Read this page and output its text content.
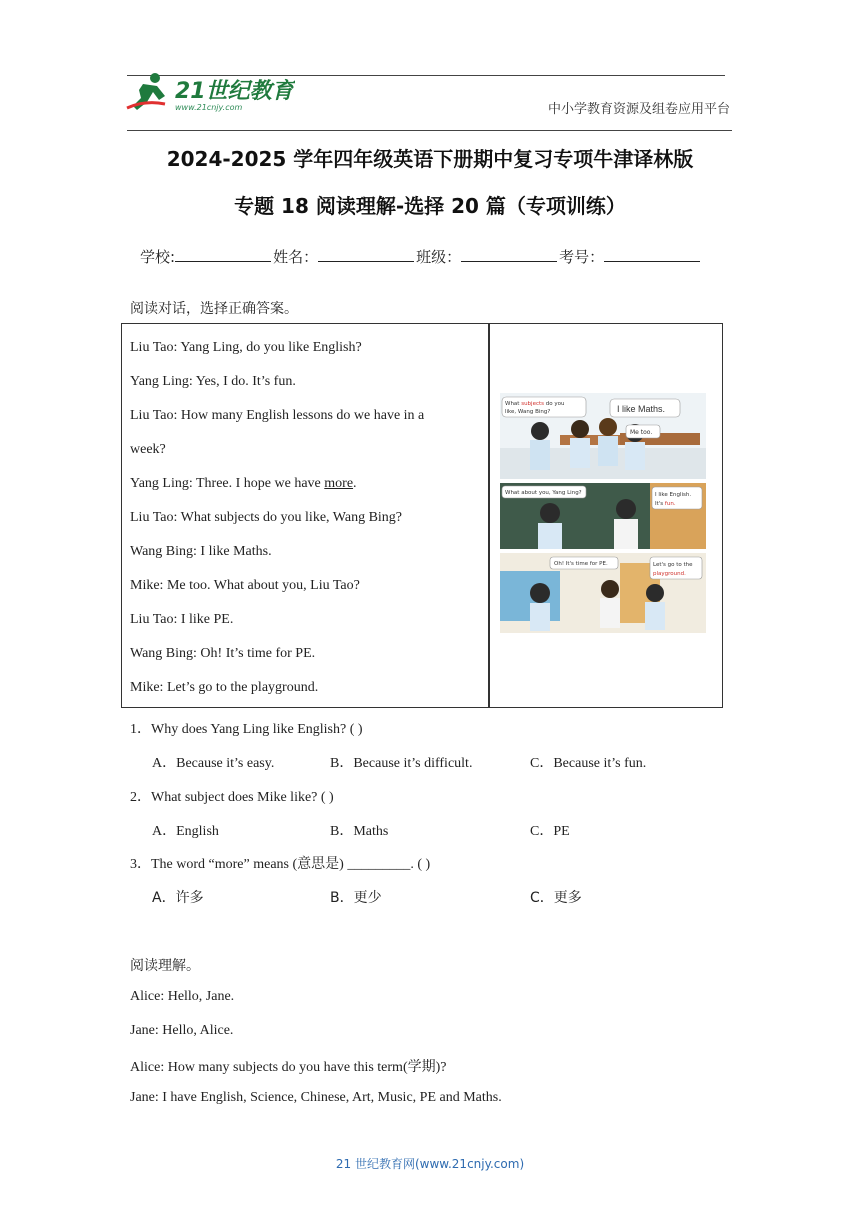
21世纪教育
www.21cnjy.com	中小学教育资源及组卷应用平台
2024-2025 学年四年级英语下册期中复习专项牛津译林版
专题 18 阅读理解-选择 20 篇（专项训练）
学校:	姓名：	班级：	考号：
阅读对话，选择正确答案。
Liu Tao: Yang Ling, do you like English?
Yang Ling: Yes, I do. It’s fun.
Liu Tao: How many English lessons do we have in a
week?
Yang Ling: Three. I hope we have more.
Liu Tao: What subjects do you like, Wang Bing?
Wang Bing: I like Maths.
Mike: Me too. What about you, Liu Tao?
Liu Tao: I like PE.
Wang Bing: Oh! It’s time for PE.
Mike: Let’s go to the playground.
What subjects do you
like, Wang Bing?	I like Maths.
Me too.
What about you, Yang Ling?	I like English.
It's fun.
Oh! It's time for PE.	Let's go to the
playground.
1．Why does Yang Ling like English? ( )
A．Because it’s easy.	B．Because it’s difficult.	C．Because it’s fun.
2．What subject does Mike like? ( )
A．English	B．Maths	C．PE
3．The word “more” means (意思是) _________. ( )
A．许多	B．更少	C．更多
阅读理解。
Alice: Hello, Jane.
Jane: Hello, Alice.
Alice: How many subjects do you have this term(学期)?
Jane: I have English, Science, Chinese, Art, Music, PE and Maths.
21 世纪教育网(www.21cnjy.com)
